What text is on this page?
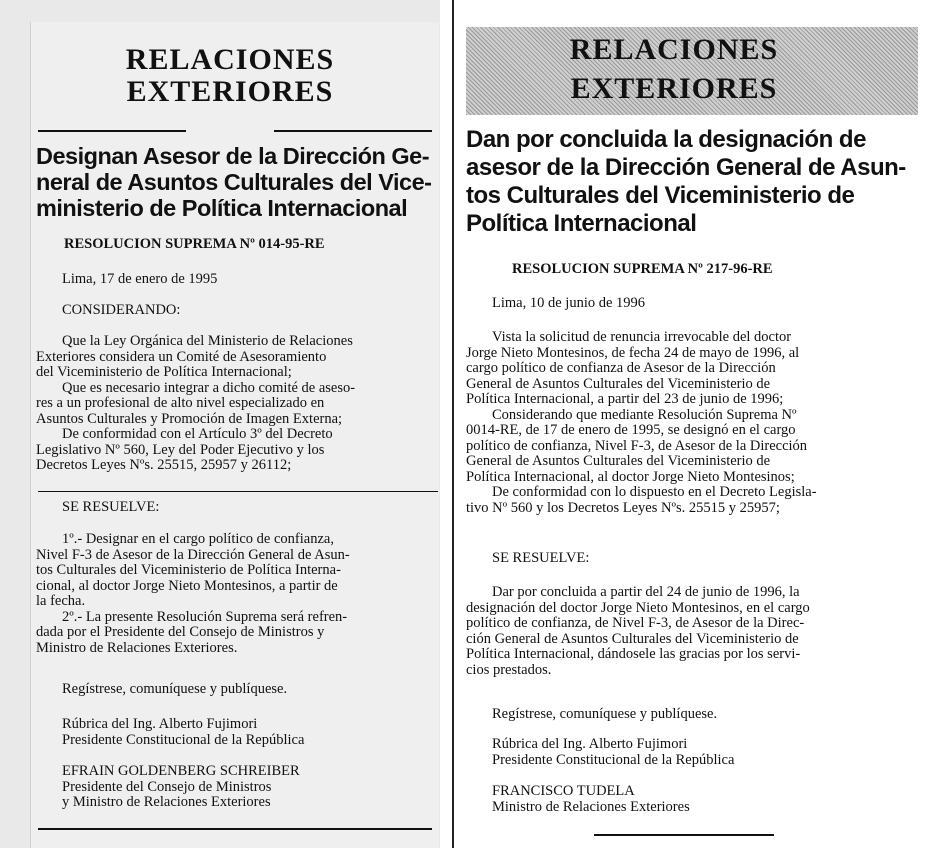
RELACIONES
EXTERIORES
Designan Asesor de la Dirección Ge-
neral de Asuntos Culturales del Vice-
ministerio de Política Internacional
RESOLUCION SUPREMA Nº 014-95-RE
Lima, 17 de enero de 1995
CONSIDERANDO:
Que la Ley Orgánica del Ministerio de Relaciones
Exteriores considera un Comité de Asesoramiento
del Viceministerio de Política Internacional;
Que es necesario integrar a dicho comité de aseso-
res a un profesional de alto nivel especializado en
Asuntos Culturales y Promoción de Imagen Externa;
De conformidad con el Artículo 3º del Decreto
Legislativo Nº 560, Ley del Poder Ejecutivo y los
Decretos Leyes Nºs. 25515, 25957 y 26112;
SE RESUELVE:
1º.- Designar en el cargo político de confianza,
Nivel F-3 de Asesor de la Dirección General de Asun-
tos Culturales del Viceministerio de Política Interna-
cional, al doctor Jorge Nieto Montesinos, a partir de
la fecha.
2º.- La presente Resolución Suprema será refren-
dada por el Presidente del Consejo de Ministros y
Ministro de Relaciones Exteriores.
Regístrese, comuníquese y publíquese.
Rúbrica del Ing. Alberto Fujimori
Presidente Constitucional de la República
EFRAIN GOLDENBERG SCHREIBER
Presidente del Consejo de Ministros
y Ministro de Relaciones Exteriores
RELACIONES
EXTERIORES
Dan por concluida la designación de
asesor de la Dirección General de Asun-
tos Culturales del Viceministerio de
Política Internacional
RESOLUCION SUPREMA Nº 217-96-RE
Lima, 10 de junio de 1996
Vista la solicitud de renuncia irrevocable del doctor
Jorge Nieto Montesinos, de fecha 24 de mayo de 1996, al
cargo político de confianza de Asesor de la Dirección
General de Asuntos Culturales del Viceministerio de
Política Internacional, a partir del 23 de junio de 1996;
Considerando que mediante Resolución Suprema Nº
0014-RE, de 17 de enero de 1995, se designó en el cargo
político de confianza, Nivel F-3, de Asesor de la Dirección
General de Asuntos Culturales del Viceministerio de
Política Internacional, al doctor Jorge Nieto Montesinos;
De conformidad con lo dispuesto en el Decreto Legisla-
tivo Nº 560 y los Decretos Leyes Nºs. 25515 y 25957;
SE RESUELVE:
Dar por concluida a partir del 24 de junio de 1996, la
designación del doctor Jorge Nieto Montesinos, en el cargo
político de confianza, de Nivel F-3, de Asesor de la Direc-
ción General de Asuntos Culturales del Viceministerio de
Política Internacional, dándosele las gracias por los servi-
cios prestados.
Regístrese, comuníquese y publíquese.
Rúbrica del Ing. Alberto Fujimori
Presidente Constitucional de la República
FRANCISCO TUDELA
Ministro de Relaciones Exteriores
